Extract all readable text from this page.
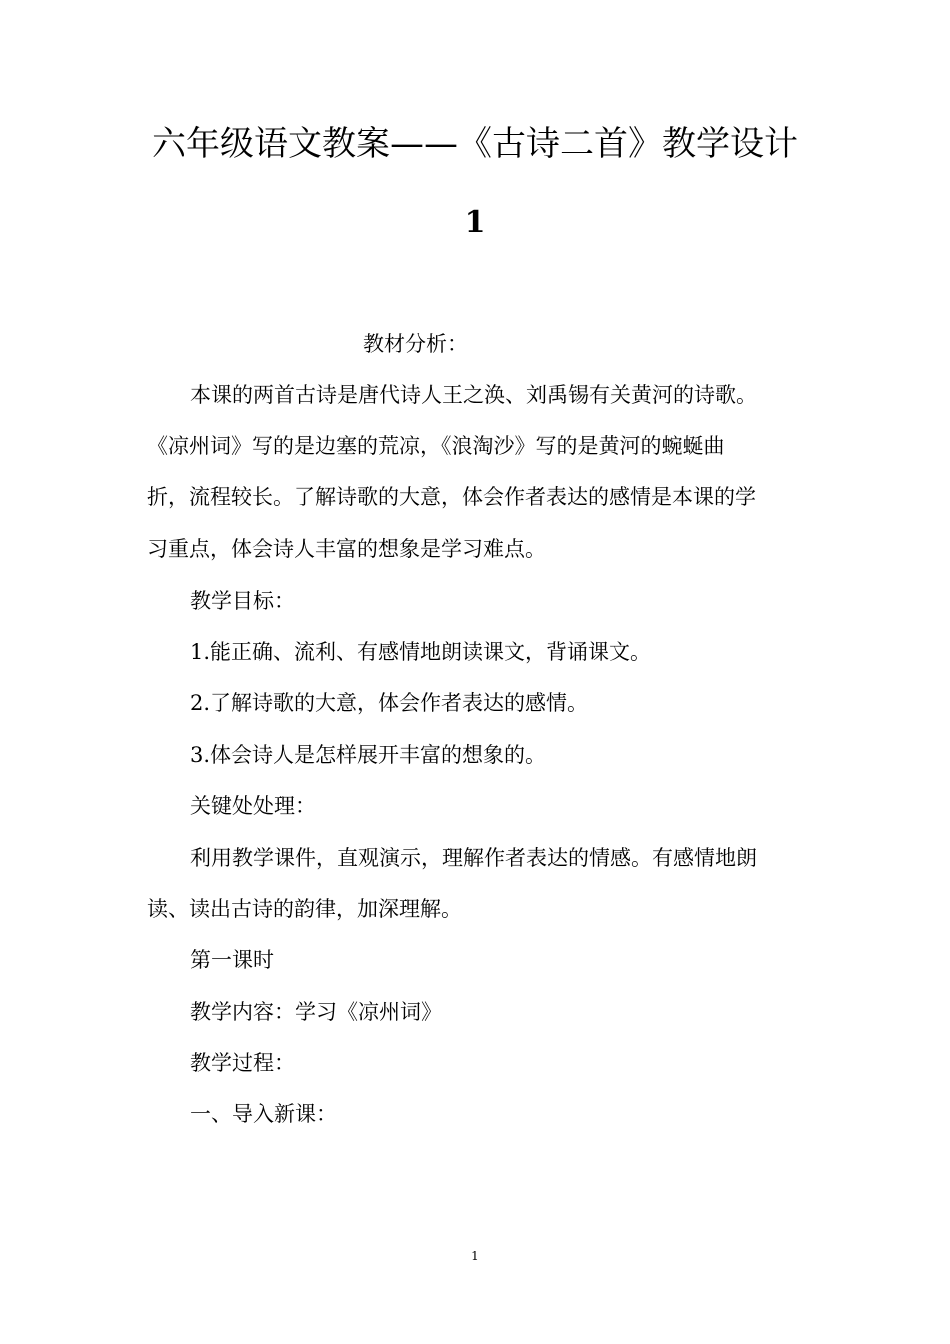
六年级语文教案——《古诗二首》教学设计
1
教材分析：
本课的两首古诗是唐代诗人王之涣、刘禹锡有关黄河的诗歌。
《凉州词》写的是边塞的荒凉，《浪淘沙》写的是黄河的蜿蜒曲
折，流程较长。了解诗歌的大意，体会作者表达的感情是本课的学
习重点，体会诗人丰富的想象是学习难点。
教学目标：
1.能正确、流利、有感情地朗读课文，背诵课文。
2.了解诗歌的大意，体会作者表达的感情。
3.体会诗人是怎样展开丰富的想象的。
关键处处理：
利用教学课件，直观演示，理解作者表达的情感。有感情地朗
读、读出古诗的韵律，加深理解。
第一课时
教学内容：学习《凉州词》
教学过程：
一、导入新课：
1
